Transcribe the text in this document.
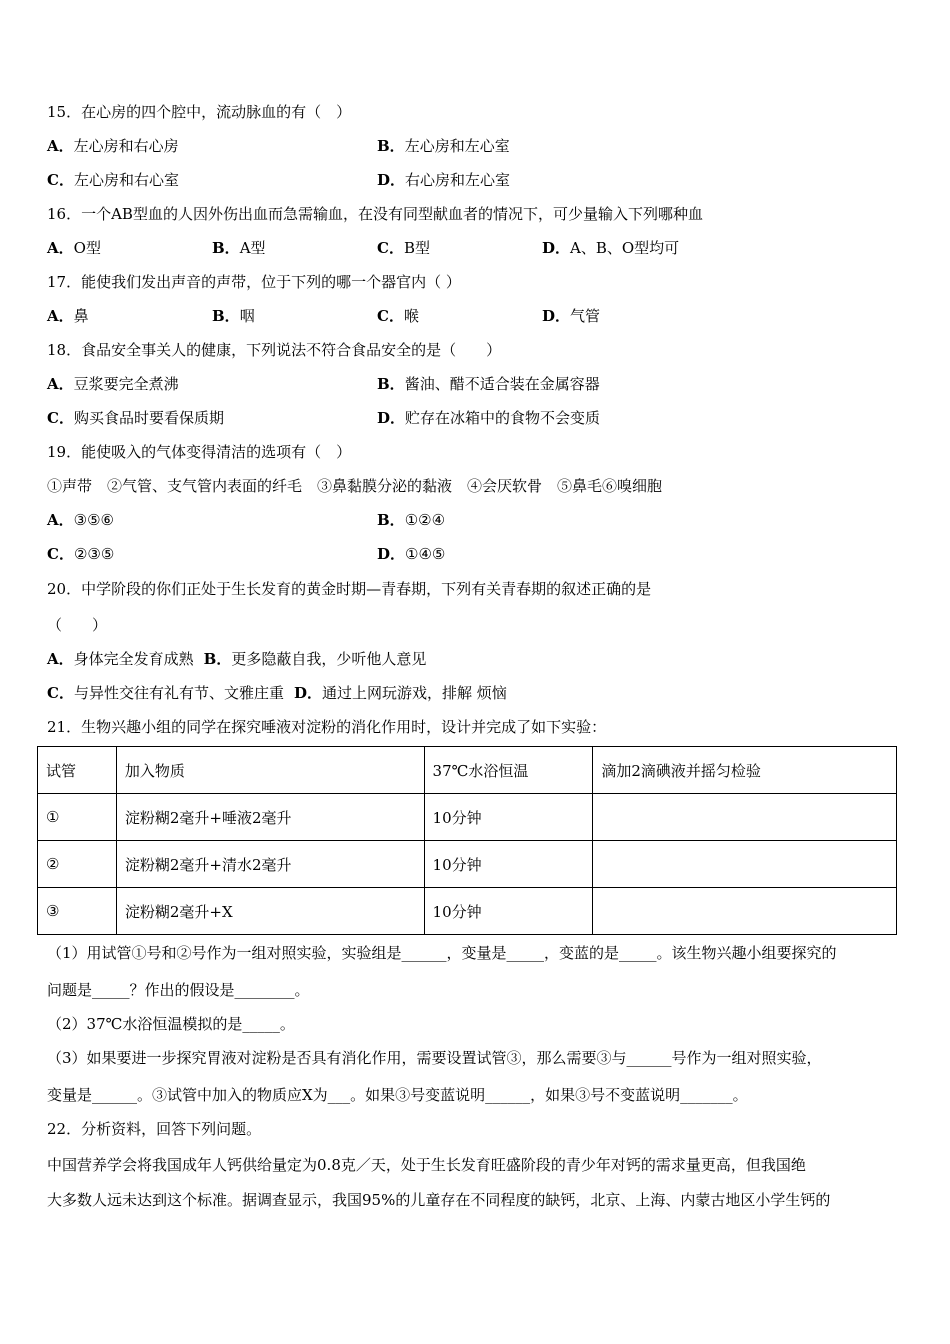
15．在心房的四个腔中，流动脉血的有（　）
A．左心房和右心房	B．左心房和左心室
C．左心房和右心室	D．右心房和左心室
16．一个AB型血的人因外伤出血而急需输血，在没有同型献血者的情况下，可少量输入下列哪种血
A．O型	B．A型	C．B型	D．A、B、O型均可
17．能使我们发出声音的声带，位于下列的哪一个器官内（ ）
A．鼻	B．咽	C．喉	D．气管
18．食品安全事关人的健康，下列说法不符合食品安全的是（　　）
A．豆浆要完全煮沸	B．酱油、醋不适合装在金属容器
C．购买食品时要看保质期	D．贮存在冰箱中的食物不会变质
19．能使吸入的气体变得清洁的选项有（　）
①声带　②气管、支气管内表面的纤毛　③鼻黏膜分泌的黏液　④会厌软骨　⑤鼻毛⑥嗅细胞
A．③⑤⑥	B．①②④
C．②③⑤	D．①④⑤
20．中学阶段的你们正处于生长发育的黄金时期—青春期，下列有关青春期的叙述正确的是
（　　）
A．身体完全发育成熟 B．更多隐蔽自我，少听他人意见
C．与异性交往有礼有节、文雅庄重 D．通过上网玩游戏，排解 烦恼
21．生物兴趣小组的同学在探究唾液对淀粉的消化作用时，设计并完成了如下实验：
试管	加入物质	37℃水浴恒温	滴加2滴碘液并摇匀检验
①	淀粉糊2毫升+唾液2毫升	10分钟	
②	淀粉糊2毫升+清水2毫升	10分钟	
③	淀粉糊2毫升+X	10分钟	
（1）用试管①号和②号作为一组对照实验，实验组是______，变量是_____，变蓝的是_____。该生物兴趣小组要探究的
问题是_____？作出的假设是________。
（2）37℃水浴恒温模拟的是_____。
（3）如果要进一步探究胃液对淀粉是否具有消化作用，需要设置试管③，那么需要③与______号作为一组对照实验，
变量是______。③试管中加入的物质应X为___。如果③号变蓝说明______，如果③号不变蓝说明_______。
22．分析资料，回答下列问题。
中国营养学会将我国成年人钙供给量定为0.8克／天，处于生长发育旺盛阶段的青少年对钙的需求量更高，但我国绝
大多数人远未达到这个标准。据调查显示，我国95%的儿童存在不同程度的缺钙，北京、上海、内蒙古地区小学生钙的
